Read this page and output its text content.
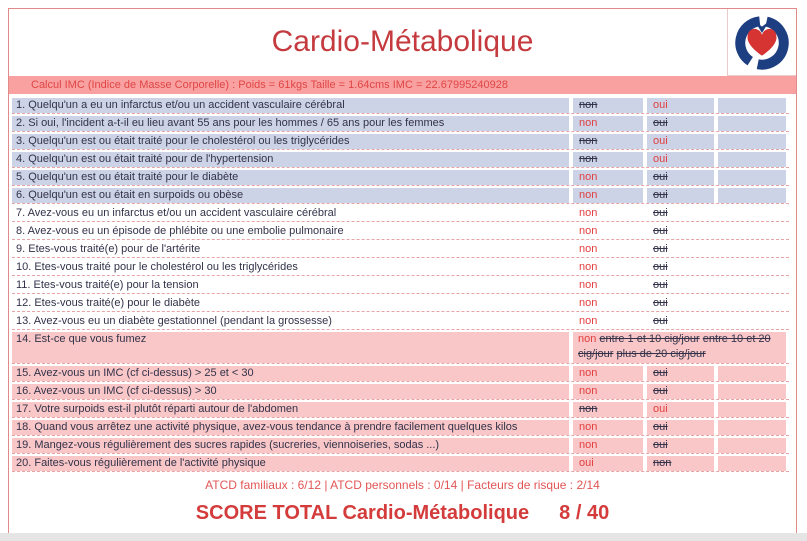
Cardio-Métabolique
Calcul IMC (Indice de Masse Corporelle) : Poids = 61kgs Taille = 1.64cms IMC = 22.67995240928
1. Quelqu'un a eu un infarctus et/ou un accident vasculaire cérébral	non	oui
2. Si oui, l'incident a-t-il eu lieu avant 55 ans pour les hommes / 65 ans pour les femmes	non	oui
3. Quelqu'un est ou était traité pour le cholestérol ou les triglycérides	non	oui
4. Quelqu'un est ou était traité pour de l'hypertension	non	oui
5. Quelqu'un est ou était traité pour le diabète	non	oui
6. Quelqu'un est ou était en surpoids ou obèse	non	oui
7. Avez-vous eu un infarctus et/ou un accident vasculaire cérébral	non	oui
8. Avez-vous eu un épisode de phlébite ou une embolie pulmonaire	non	oui
9. Etes-vous traité(e) pour de l'artérite	non	oui
10. Etes-vous traité pour le cholestérol ou les triglycérides	non	oui
11. Etes-vous traité(e) pour la tension	non	oui
12. Etes-vous traité(e) pour le diabète	non	oui
13. Avez-vous eu un diabète gestationnel (pendant la grossesse)	non	oui
14. Est-ce que vous fumez	non entre 1 et 10 cig/jour entre 10 et 20 cig/jour plus de 20 cig/jour
15. Avez-vous un IMC (cf ci-dessus) > 25 et < 30	non	oui
16. Avez-vous un IMC (cf ci-dessus) > 30	non	oui
17. Votre surpoids est-il plutôt réparti autour de l'abdomen	non	oui
18. Quand vous arrêtez une activité physique, avez-vous tendance à prendre facilement quelques kilos	non	oui
19. Mangez-vous régulièrement des sucres rapides (sucreries, viennoiseries, sodas ...)	non	oui
20. Faites-vous régulièrement de l'activité physique	oui	non
ATCD familiaux : 6/12 | ATCD personnels : 0/14 | Facteurs de risque : 2/14
SCORE TOTAL Cardio-Métabolique 8 / 40
